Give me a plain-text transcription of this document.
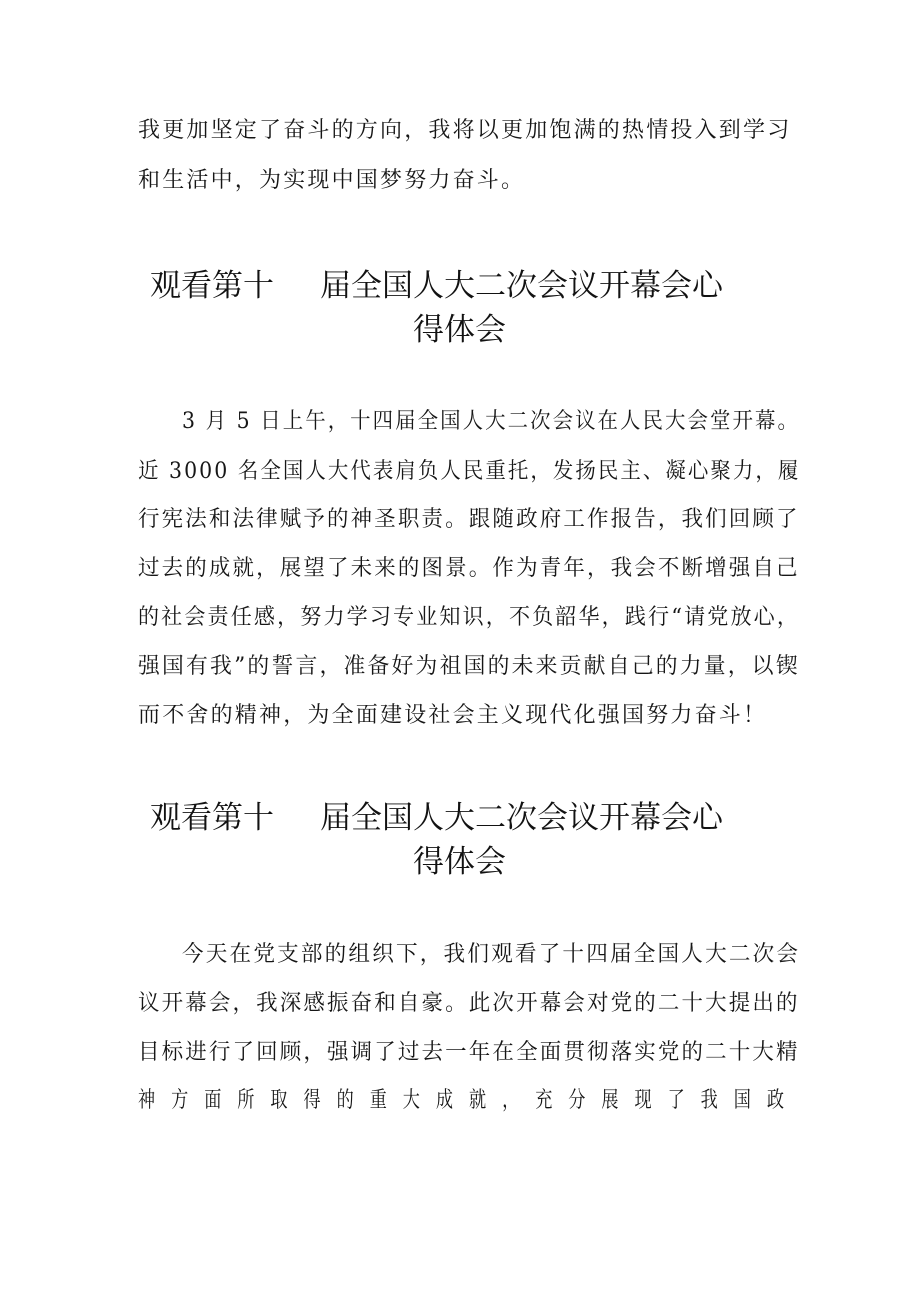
我更加坚定了奋斗的方向，我将以更加饱满的热情投入到学习
和生活中，为实现中国梦努力奋斗。
观看第十 届全国人大二次会议开幕会心
得体会
3 月 5 日上午，十四届全国人大二次会议在人民大会堂开幕。
近 3000 名全国人大代表肩负人民重托，发扬民主、凝心聚力，履
行宪法和法律赋予的神圣职责。跟随政府工作报告，我们回顾了
过去的成就，展望了未来的图景。作为青年，我会不断增强自己
的社会责任感，努力学习专业知识，不负韶华，践行“请党放心，
强国有我”的誓言，准备好为祖国的未来贡献自己的力量，以锲
而不舍的精神，为全面建设社会主义现代化强国努力奋斗！
观看第十 届全国人大二次会议开幕会心
得体会
今天在党支部的组织下，我们观看了十四届全国人大二次会
议开幕会，我深感振奋和自豪。此次开幕会对党的二十大提出的
目标进行了回顾，强调了过去一年在全面贯彻落实党的二十大精
神方面所取得的重大成就，充分展现了我国政
